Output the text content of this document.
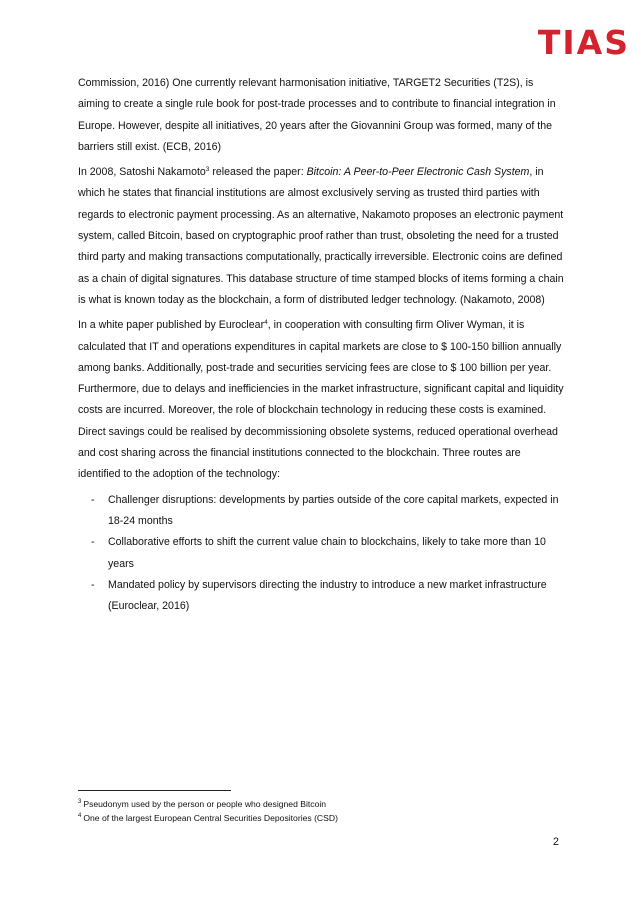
TIAS

Commission, 2016) One currently relevant harmonisation initiative, TARGET2 Securities (T2S), is aiming to create a single rule book for post-trade processes and to contribute to financial integration in Europe. However, despite all initiatives, 20 years after the Giovannini Group was formed, many of the barriers still exist. (ECB, 2016)

In 2008, Satoshi Nakamoto$^3$ released the paper: Bitcoin: A Peer-to-Peer Electronic Cash System, in which he states that financial institutions are almost exclusively serving as trusted third parties with regards to electronic payment processing. As an alternative, Nakamoto proposes an electronic payment system, called Bitcoin, based on cryptographic proof rather than trust, obsoleting the need for a trusted third party and making transactions computationally, practically irreversible. Electronic coins are defined as a chain of digital signatures. This database structure of time stamped blocks of items forming a chain is what is known today as the blockchain, a form of distributed ledger technology. (Nakamoto, 2008)

In a white paper published by Euroclear$^4$, in cooperation with consulting firm Oliver Wyman, it is calculated that IT and operations expenditures in capital markets are close to $ 100-150 billion annually among banks. Additionally, post-trade and securities servicing fees are close to $ 100 billion per year. Furthermore, due to delays and inefficiencies in the market infrastructure, significant capital and liquidity costs are incurred. Moreover, the role of blockchain technology in reducing these costs is examined. Direct savings could be realised by decommissioning obsolete systems, reduced operational overhead and cost sharing across the financial institutions connected to the blockchain. Three routes are identified to the adoption of the technology:

- Challenger disruptions: developments by parties outside of the core capital markets, expected in 18-24 months
- Collaborative efforts to shift the current value chain to blockchains, likely to take more than 10 years
- Mandated policy by supervisors directing the industry to introduce a new market infrastructure (Euroclear, 2016)
$^3$ Pseudonym used by the person or people who designed Bitcoin
$^4$ One of the largest European Central Securities Depositories (CSD)
2
